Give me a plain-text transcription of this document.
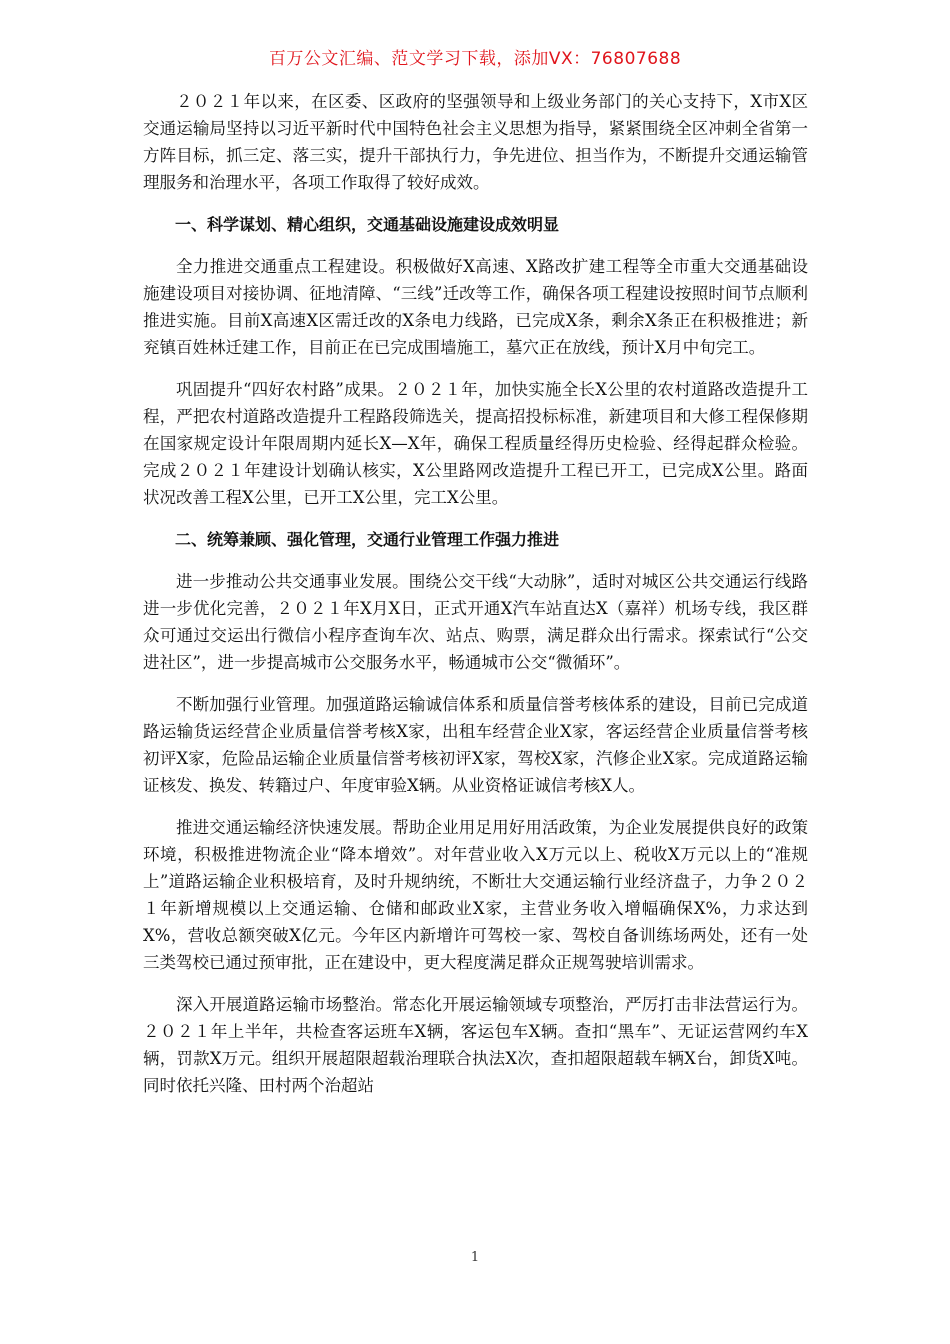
百万公文汇编、范文学习下载，添加VX：76807688

２０２１年以来，在区委、区政府的坚强领导和上级业务部门的关心支持下，X市X区交通运输局坚持以习近平新时代中国特色社会主义思想为指导，紧紧围绕全区冲刺全省第一方阵目标，抓三定、落三实，提升干部执行力，争先进位、担当作为，不断提升交通运输管理服务和治理水平，各项工作取得了较好成效。

一、科学谋划、精心组织，交通基础设施建设成效明显

全力推进交通重点工程建设。积极做好X高速、X路改扩建工程等全市重大交通基础设施建设项目对接协调、征地清障、“三线”迁改等工作，确保各项工程建设按照时间节点顺利推进实施。目前X高速X区需迁改的X条电力线路，已完成X条，剩余X条正在积极推进；新兖镇百姓林迁建工作，目前正在已完成围墙施工，墓穴正在放线，预计X月中旬完工。

巩固提升“四好农村路”成果。２０２１年，加快实施全长X公里的农村道路改造提升工程，严把农村道路改造提升工程路段筛选关，提高招投标标准，新建项目和大修工程保修期在国家规定设计年限周期内延长X—X年，确保工程质量经得历史检验、经得起群众检验。完成２０２１年建设计划确认核实，X公里路网改造提升工程已开工，已完成X公里。路面状况改善工程X公里，已开工X公里，完工X公里。

二、统筹兼顾、强化管理，交通行业管理工作强力推进

进一步推动公共交通事业发展。围绕公交干线“大动脉”，适时对城区公共交通运行线路进一步优化完善，２０２１年X月X日，正式开通X汽车站直达X（嘉祥）机场专线，我区群众可通过交运出行微信小程序查询车次、站点、购票，满足群众出行需求。探索试行“公交进社区”，进一步提高城市公交服务水平，畅通城市公交“微循环”。

不断加强行业管理。加强道路运输诚信体系和质量信誉考核体系的建设，目前已完成道路运输货运经营企业质量信誉考核X家，出租车经营企业X家，客运经营企业质量信誉考核初评X家，危险品运输企业质量信誉考核初评X家，驾校X家，汽修企业X家。完成道路运输证核发、换发、转籍过户、年度审验X辆。从业资格证诚信考核X人。

推进交通运输经济快速发展。帮助企业用足用好用活政策，为企业发展提供良好的政策环境，积极推进物流企业“降本增效”。对年营业收入X万元以上、税收X万元以上的“准规上”道路运输企业积极培育，及时升规纳统，不断壮大交通运输行业经济盘子，力争２０２１年新增规模以上交通运输、仓储和邮政业X家，主营业务收入增幅确保X%，力求达到X%，营收总额突破X亿元。今年区内新增许可驾校一家、驾校自备训练场两处，还有一处三类驾校已通过预审批，正在建设中，更大程度满足群众正规驾驶培训需求。

深入开展道路运输市场整治。常态化开展运输领域专项整治，严厉打击非法营运行为。２０２１年上半年，共检查客运班车X辆，客运包车X辆。查扣“黑车”、无证运营网约车X辆，罚款X万元。组织开展超限超载治理联合执法X次，查扣超限超载车辆X台，卸货X吨。同时依托兴隆、田村两个治超站

1
